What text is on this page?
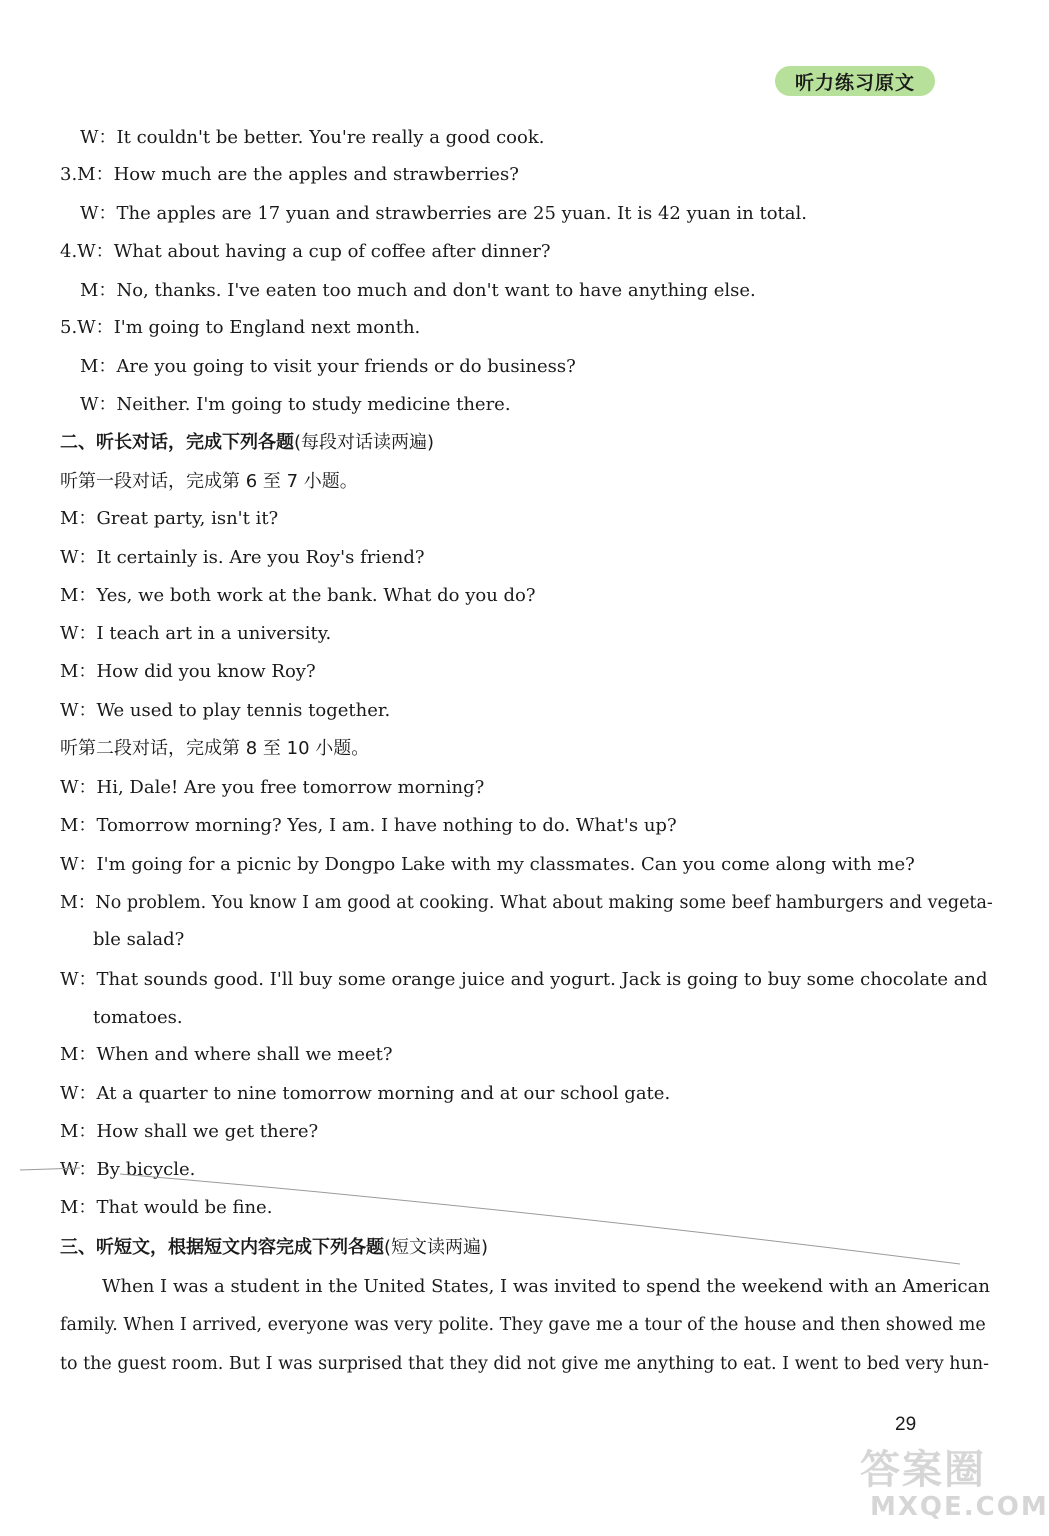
听力练习原文
W：It couldn't be better. You're really a good cook.
3.M：How much are the apples and strawberries?
W：The apples are 17 yuan and strawberries are 25 yuan. It is 42 yuan in total.
4.W：What about having a cup of coffee after dinner?
M：No, thanks. I've eaten too much and don't want to have anything else.
5.W：I'm going to England next month.
M：Are you going to visit your friends or do business?
W：Neither. I'm going to study medicine there.
二、听长对话，完成下列各题(每段对话读两遍)
听第一段对话，完成第 6 至 7 小题。
M：Great party, isn't it?
W：It certainly is. Are you Roy's friend?
M：Yes, we both work at the bank. What do you do?
W：I teach art in a university.
M：How did you know Roy?
W：We used to play tennis together.
听第二段对话，完成第 8 至 10 小题。
W：Hi, Dale! Are you free tomorrow morning?
M：Tomorrow morning? Yes, I am. I have nothing to do. What's up?
W：I'm going for a picnic by Dongpo Lake with my classmates. Can you come along with me?
M：No problem. You know I am good at cooking. What about making some beef hamburgers and vegeta-
ble salad?
W：That sounds good. I'll buy some orange juice and yogurt. Jack is going to buy some chocolate and
tomatoes.
M：When and where shall we meet?
W：At a quarter to nine tomorrow morning and at our school gate.
M：How shall we get there?
W：By bicycle.
M：That would be fine.
三、听短文，根据短文内容完成下列各题(短文读两遍)
When I was a student in the United States, I was invited to spend the weekend with an American
family. When I arrived, everyone was very polite. They gave me a tour of the house and then showed me
to the guest room. But I was surprised that they did not give me anything to eat. I went to bed very hun-
29
答案圈
MXQE.COM
